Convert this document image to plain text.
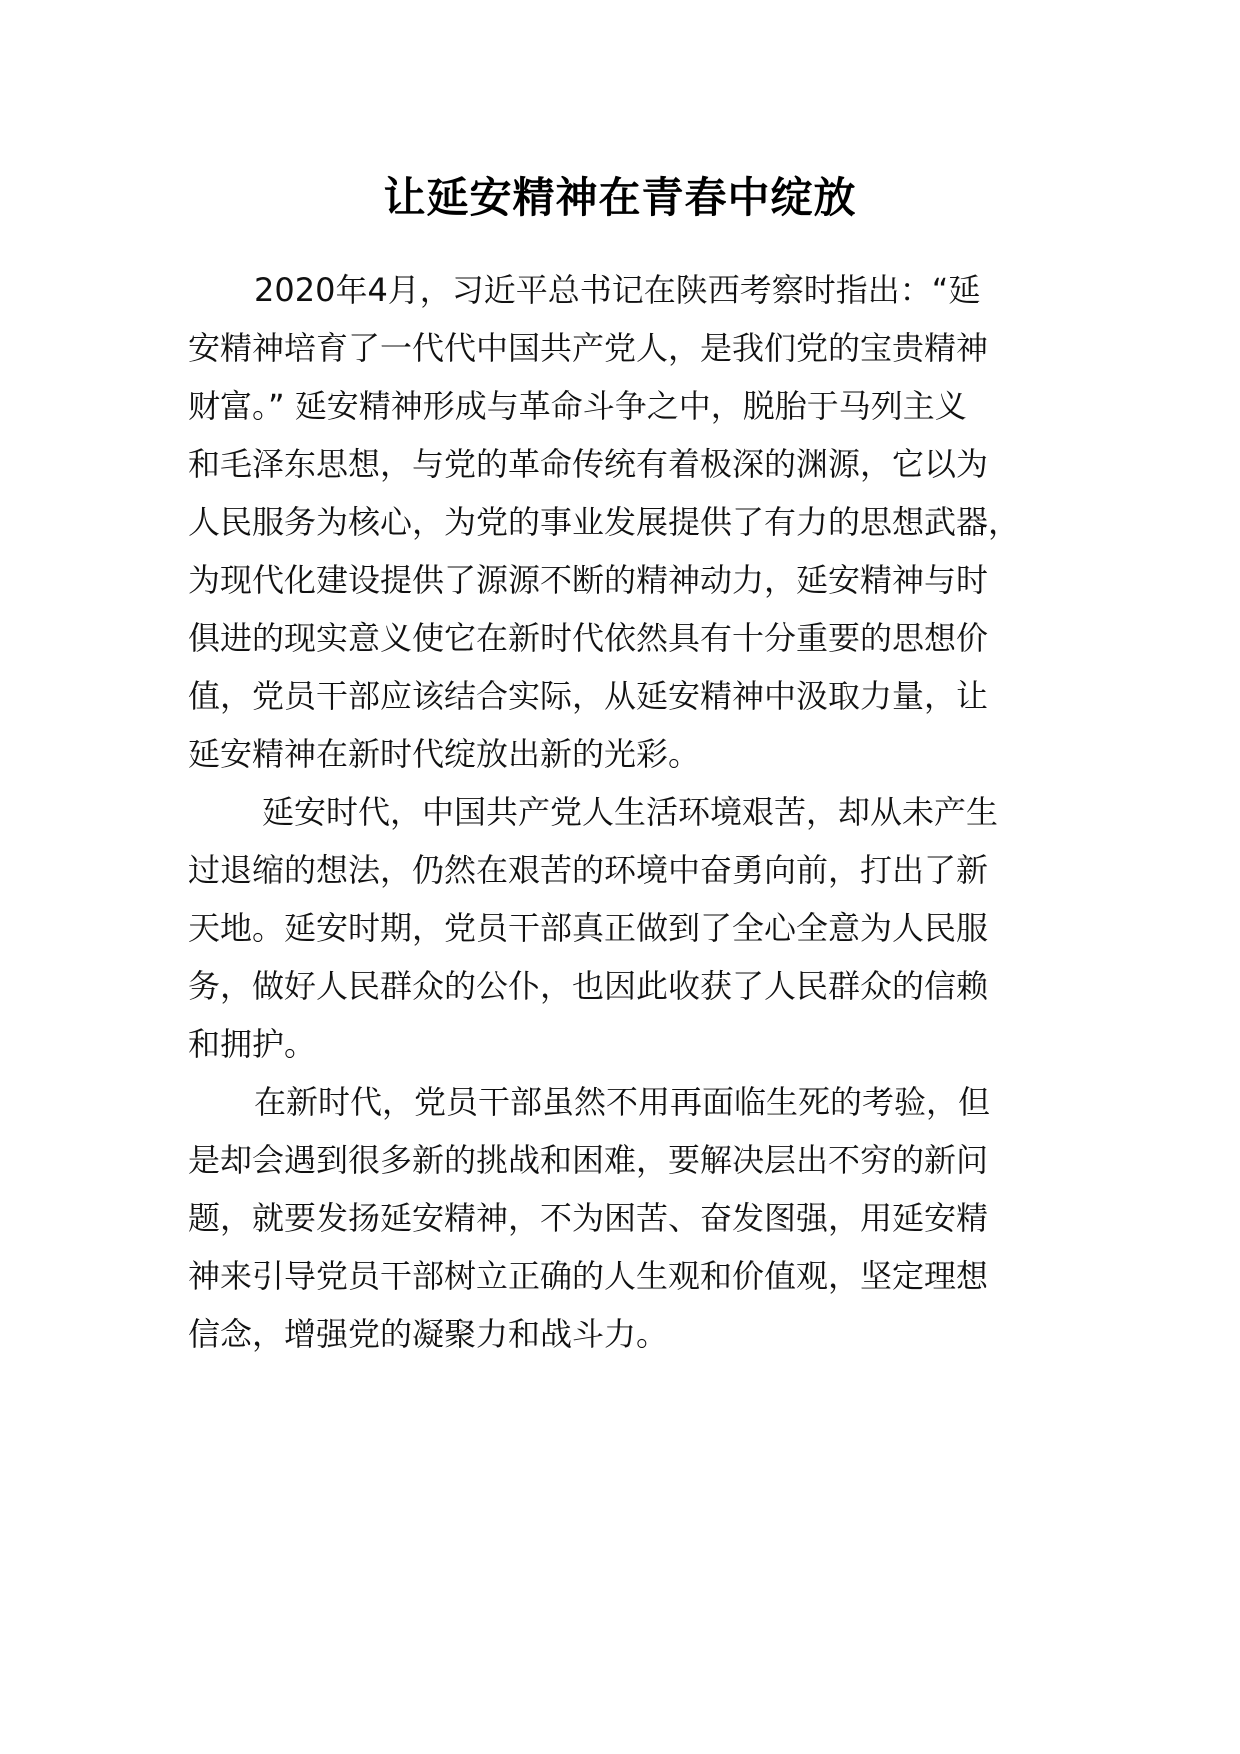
让延安精神在青春中绽放
2020年4月，习近平总书记在陕西考察时指出：“延
安精神培育了一代代中国共产党人，是我们党的宝贵精神
财富。” 延安精神形成与革命斗争之中，脱胎于马列主义
和毛泽东思想，与党的革命传统有着极深的渊源，它以为
人民服务为核心，为党的事业发展提供了有力的思想武器，
为现代化建设提供了源源不断的精神动力，延安精神与时
俱进的现实意义使它在新时代依然具有十分重要的思想价
值，党员干部应该结合实际，从延安精神中汲取力量，让
延安精神在新时代绽放出新的光彩。
延安时代，中国共产党人生活环境艰苦，却从未产生
过退缩的想法，仍然在艰苦的环境中奋勇向前，打出了新
天地。延安时期，党员干部真正做到了全心全意为人民服
务，做好人民群众的公仆，也因此收获了人民群众的信赖
和拥护。
在新时代，党员干部虽然不用再面临生死的考验，但
是却会遇到很多新的挑战和困难，要解决层出不穷的新问
题，就要发扬延安精神，不为困苦、奋发图强，用延安精
神来引导党员干部树立正确的人生观和价值观，坚定理想
信念，增强党的凝聚力和战斗力。
